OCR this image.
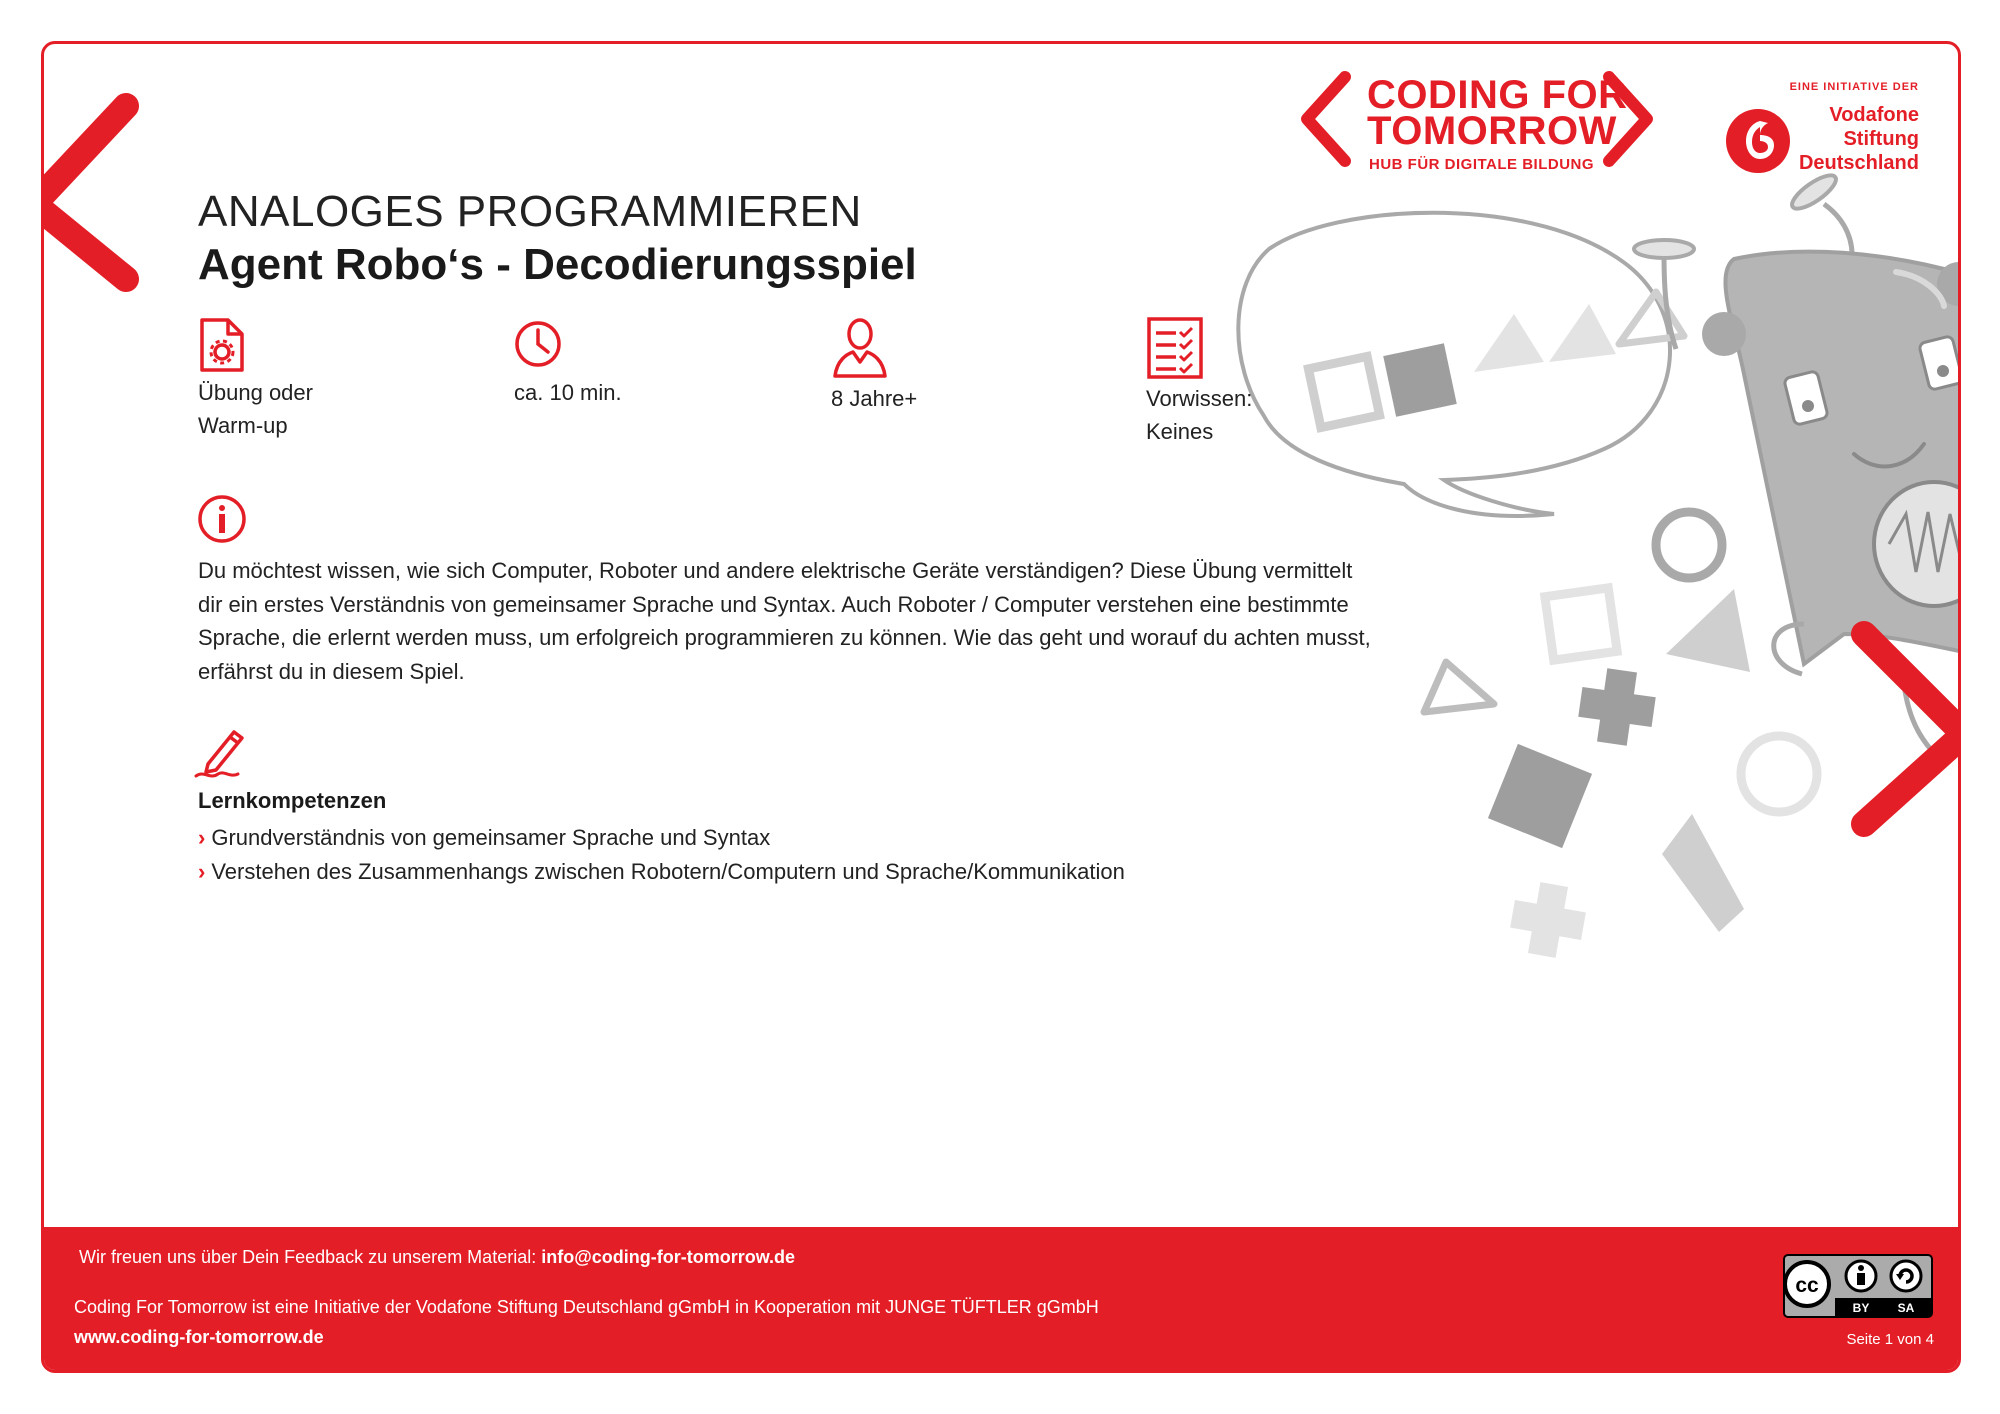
CODING FOR
TOMORROW
HUB FÜR DIGITALE BILDUNG
EINE INITIATIVE DER
Vodafone
Stiftung
Deutschland
ANALOGES PROGRAMMIEREN
Agent Robo‘s - Decodierungsspiel
Übung oder
Warm-up
ca. 10 min.	8 Jahre+	Vorwissen:
Keines
Du möchtest wissen, wie sich Computer, Roboter und andere elektrische Geräte verständigen? Diese Übung vermittelt dir ein erstes Verständnis von gemeinsamer Sprache und Syntax. Auch Roboter / Computer verstehen eine bestimmte Sprache, die erlernt werden muss, um erfolgreich programmieren zu können. Wie das geht und worauf du achten musst, erfährst du in diesem Spiel.
Lernkompetenzen
› Grundverständnis von gemeinsamer Sprache und Syntax
› Verstehen des Zusammenhangs zwischen Robotern/Computern und Sprache/Kommunikation
Wir freuen uns über Dein Feedback zu unserem Material: info@coding-for-tomorrow.de
Coding For Tomorrow ist eine Initiative der Vodafone Stiftung Deutschland gGmbH in Kooperation mit JUNGE TÜFTLER gGmbH
www.coding-for-tomorrow.de
cc
BY SA
Seite 1 von 4
